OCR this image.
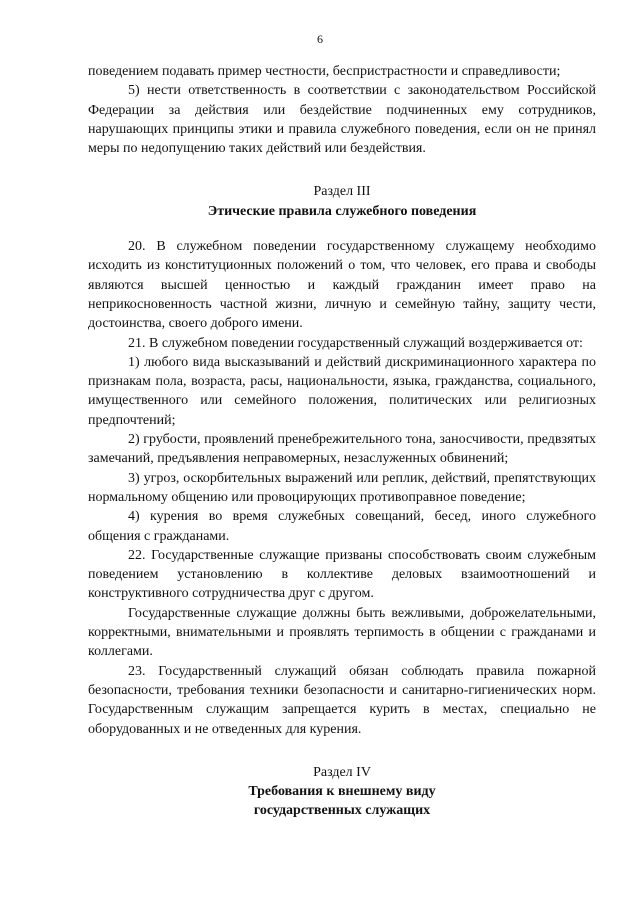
6

поведением подавать пример честности, беспристрастности и справедливости;

5) нести ответственность в соответствии с законодательством Российской Федерации за действия или бездействие подчиненных ему сотрудников, нарушающих принципы этики и правила служебного поведения, если он не принял меры по недопущению таких действий или бездействия.

Раздел III
Этические правила служебного поведения

20. В служебном поведении государственному служащему необходимо исходить из конституционных положений о том, что человек, его права и свободы являются высшей ценностью и каждый гражданин имеет право на неприкосновенность частной жизни, личную и семейную тайну, защиту чести, достоинства, своего доброго имени.

21. В служебном поведении государственный служащий воздерживается от:

1) любого вида высказываний и действий дискриминационного характера по признакам пола, возраста, расы, национальности, языка, гражданства, социального, имущественного или семейного положения, политических или религиозных предпочтений;

2) грубости, проявлений пренебрежительного тона, заносчивости, предвзятых замечаний, предъявления неправомерных, незаслуженных обвинений;

3) угроз, оскорбительных выражений или реплик, действий, препятствующих нормальному общению или провоцирующих противоправное поведение;

4) курения во время служебных совещаний, бесед, иного служебного общения с гражданами.

22. Государственные служащие призваны способствовать своим служебным поведением установлению в коллективе деловых взаимоотношений и конструктивного сотрудничества друг с другом.

Государственные служащие должны быть вежливыми, доброжелательными, корректными, внимательными и проявлять терпимость в общении с гражданами и коллегами.

23. Государственный служащий обязан соблюдать правила пожарной безопасности, требования техники безопасности и санитарно-гигиенических норм. Государственным служащим запрещается курить в местах, специально не оборудованных и не отведенных для курения.

Раздел IV
Требования к внешнему виду
государственных служащих
